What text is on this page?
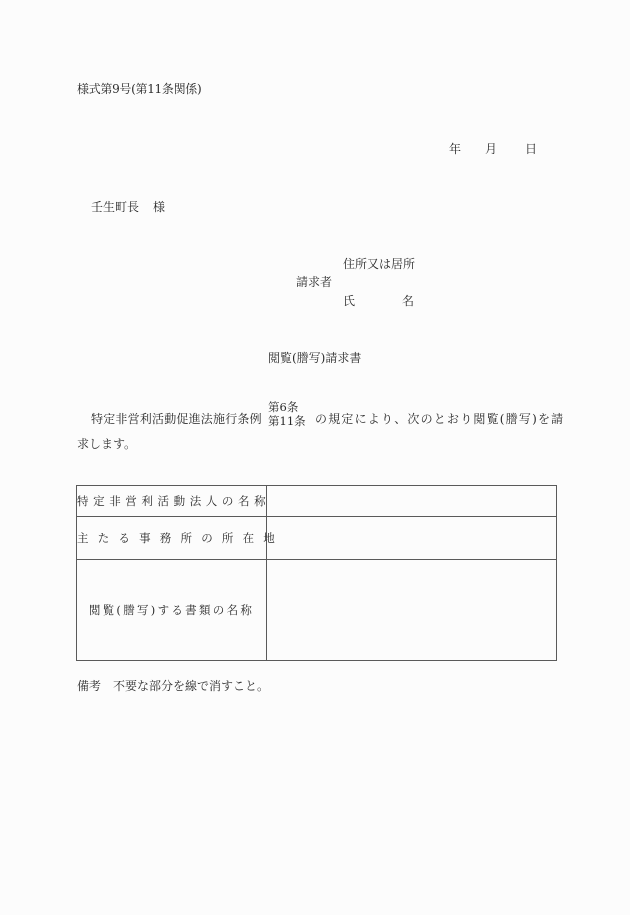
様式第9号(第11条関係)
年 月 日
壬生町長 様
住所又は居所
請求者
氏	名
閲覧(謄写)請求書
特定非営利活動促進法施行条例
第6条
第11条 の規定により、次のとおり閲覧(謄写)を請
求します。
特定非営利活動法人の名称	
主たる事務所の所在地	
閲覧(謄写)する書類の名称	
備考 不要な部分を線で消すこと。
